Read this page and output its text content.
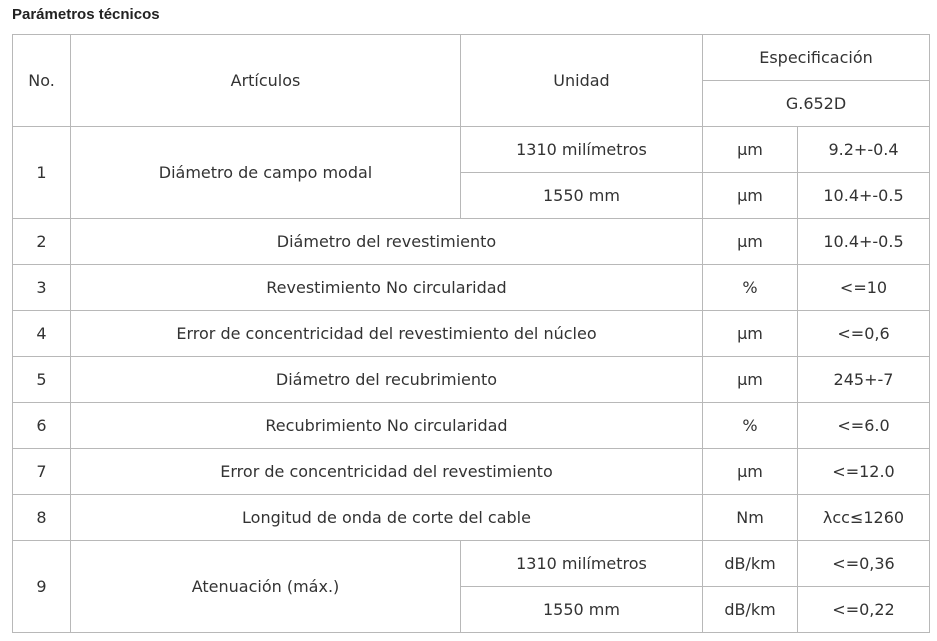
Parámetros técnicos
No.	Artículos	Unidad	Especificación	
			G.652D	
1	Diámetro de campo modal	1310 milímetros	μm	9.2+-0.4
		1550 mm	μm	10.4+-0.5
2	Diámetro del revestimiento		μm	10.4+-0.5
3	Revestimiento No circularidad		%	<=10
4	Error de concentricidad del revestimiento del núcleo		μm	<=0,6
5	Diámetro del recubrimiento		μm	245+-7
6	Recubrimiento No circularidad		%	<=6.0
7	Error de concentricidad del revestimiento		μm	<=12.0
8	Longitud de onda de corte del cable		Nm	λcc≤1260
9	Atenuación (máx.)	1310 milímetros	dB/km	<=0,36
		1550 mm	dB/km	<=0,22
